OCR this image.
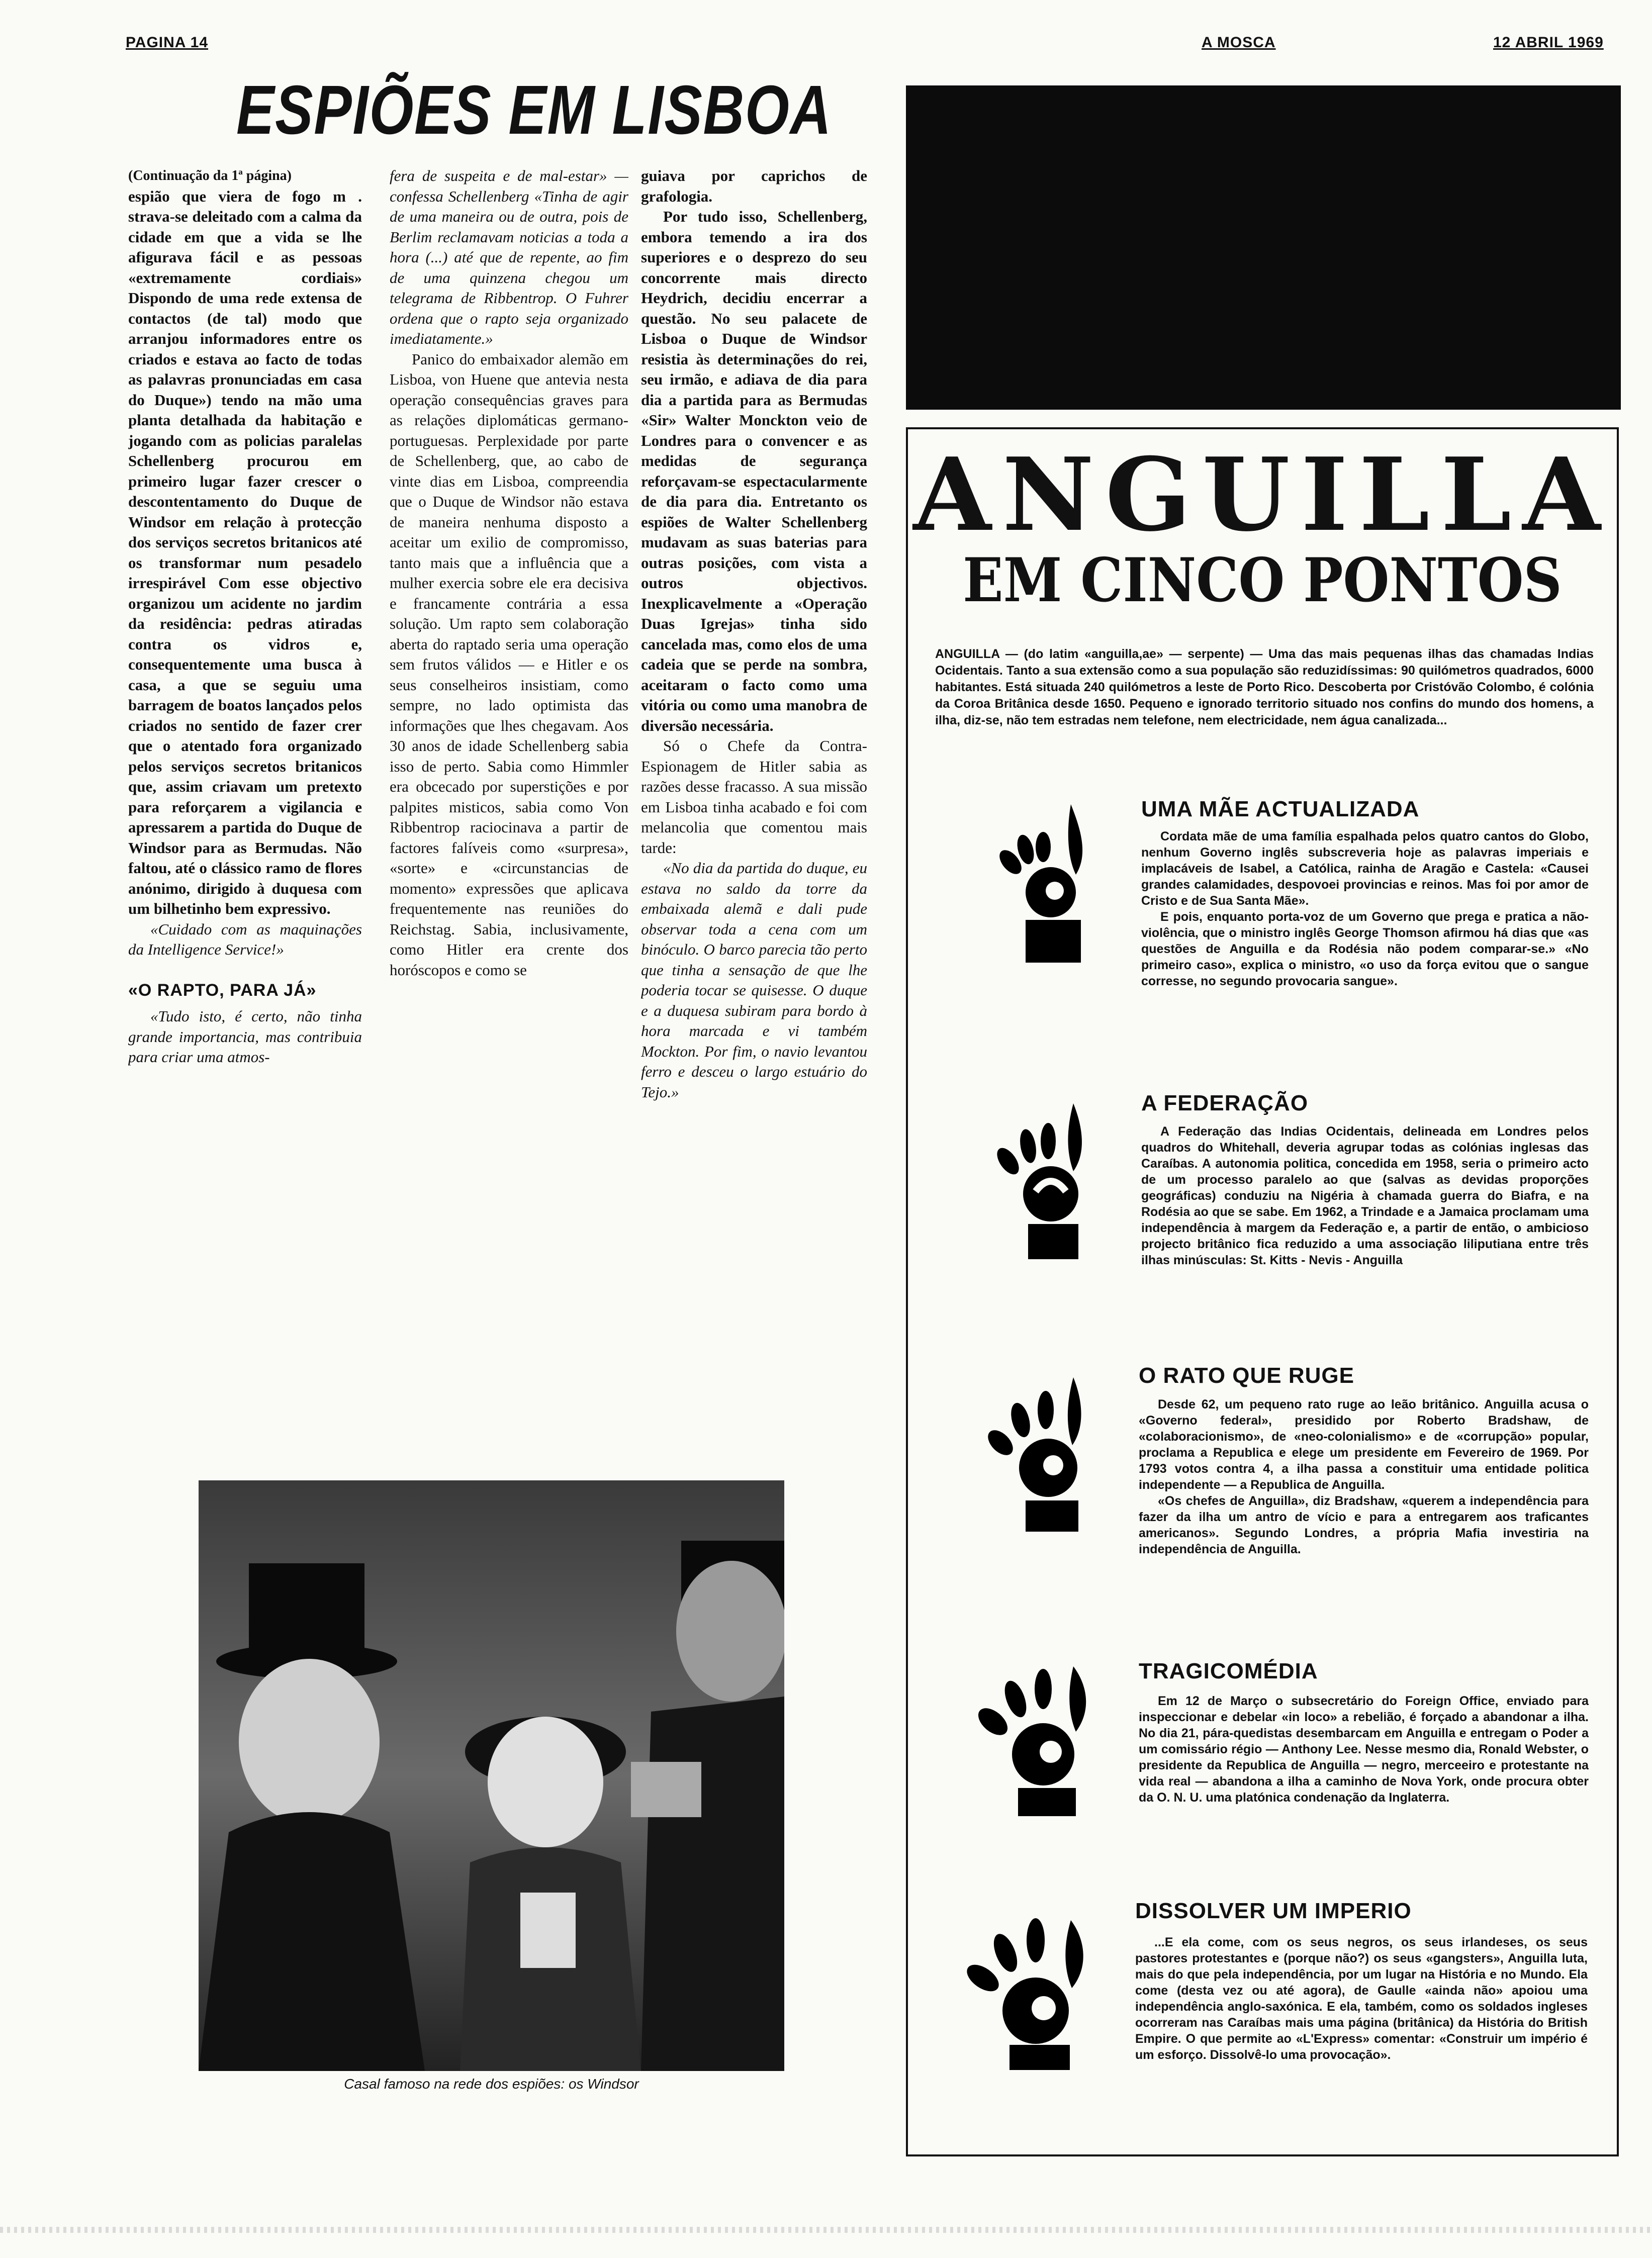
PAGINA 14	A MOSCA	12 ABRIL 1969
ESPIÕES EM LISBOA

(Continuação da 1ª página)

espião que viera de fogo m . strava-se deleitado com a calma da cidade em que a vida se lhe afigurava fácil e as pessoas «extremamente cordiais» Dispondo de uma rede extensa de contactos (de tal) modo que arranjou informadores entre os criados e estava ao facto de todas as palavras pronunciadas em casa do Duque») tendo na mão uma planta detalhada da habitação e jogando com as policias paralelas Schellenberg procurou em primeiro lugar fazer crescer o descontentamento do Duque de Windsor em relação à protecção dos serviços secretos britanicos até os transformar num pesadelo irrespirável Com esse objectivo organizou um acidente no jardim da residência: pedras atiradas contra os vidros e, consequentemente uma busca à casa, a que se seguiu uma barragem de boatos lançados pelos criados no sentido de fazer crer que o atentado fora organizado pelos serviços secretos britanicos que, assim criavam um pretexto para reforçarem a vigilancia e apressarem a partida do Duque de Windsor para as Bermudas. Não faltou, até o clássico ramo de flores anónimo, dirigido à duquesa com um bilhetinho bem expressivo.

«Cuidado com as maquinações da Intelligence Service!»

«O RAPTO, PARA JÁ»

«Tudo isto, é certo, não tinha grande importancia, mas contribuia para criar uma atmos-

fera de suspeita e de mal-estar» — confessa Schellenberg «Tinha de agir de uma maneira ou de outra, pois de Berlim reclamavam noticias a toda a hora (...) até que de repente, ao fim de uma quinzena chegou um telegrama de Ribbentrop. O Fuhrer ordena que o rapto seja organizado imediatamente.»

Panico do embaixador alemão em Lisboa, von Huene que antevia nesta operação consequências graves para as relações diplomáticas germano-portuguesas. Perplexidade por parte de Schellenberg, que, ao cabo de vinte dias em Lisboa, compreendia que o Duque de Windsor não estava de maneira nenhuma disposto a aceitar um exilio de compromisso, tanto mais que a influência que a mulher exercia sobre ele era decisiva e francamente contrária a essa solução. Um rapto sem colaboração aberta do raptado seria uma operação sem frutos válidos — e Hitler e os seus conselheiros insistiam, como sempre, no lado optimista das informações que lhes chegavam. Aos 30 anos de idade Schellenberg sabia isso de perto. Sabia como Himmler era obcecado por superstições e por palpites misticos, sabia como Von Ribbentrop raciocinava a partir de factores falíveis como «surpresa», «sorte» e «circunstancias de momento» expressões que aplicava frequentemente nas reuniões do Reichstag. Sabia, inclusivamente, como Hitler era crente dos horóscopos e como se

guiava por caprichos de grafologia.

Por tudo isso, Schellenberg, embora temendo a ira dos superiores e o desprezo do seu concorrente mais directo Heydrich, decidiu encerrar a questão. No seu palacete de Lisboa o Duque de Windsor resistia às determinações do rei, seu irmão, e adiava de dia para dia a partida para as Bermudas «Sir» Walter Monckton veio de Londres para o convencer e as medidas de segurança reforçavam-se espectacularmente de dia para dia. Entretanto os espiões de Walter Schellenberg mudavam as suas baterias para outras posições, com vista a outros objectivos. Inexplicavelmente a «Operação Duas Igrejas» tinha sido cancelada mas, como elos de uma cadeia que se perde na sombra, aceitaram o facto como uma vitória ou como uma manobra de diversão necessária.

Só o Chefe da Contra-Espionagem de Hitler sabia as razões desse fracasso. A sua missão em Lisboa tinha acabado e foi com melancolia que comentou mais tarde:

«No dia da partida do duque, eu estava no saldo da torre da embaixada alemã e dali pude observar toda a cena com um binóculo. O barco parecia tão perto que tinha a sensação de que lhe poderia tocar se quisesse. O duque e a duquesa subiram para bordo à hora marcada e vi também Mockton. Por fim, o navio levantou ferro e desceu o largo estuário do Tejo.»

Casal famoso na rede dos espiões: os Windsor
ANGUILLA
EM CINCO PONTOS
ANGUILLA — (do latim «anguilla,ae» — serpente) — Uma das mais pequenas ilhas das chamadas Indias Ocidentais. Tanto a sua extensão como a sua população são reduzidíssimas: 90 quilómetros quadrados, 6000 habitantes. Está situada 240 quilómetros a leste de Porto Rico. Descoberta por Cristóvão Colombo, é colónia da Coroa Britânica desde 1650. Pequeno e ignorado territorio situado nos confins do mundo dos homens, a ilha, diz-se, não tem estradas nem telefone, nem electricidade, nem água canalizada...
UMA MÃE ACTUALIZADA

Cordata mãe de uma família espalhada pelos quatro cantos do Globo, nenhum Governo inglês subscreveria hoje as palavras imperiais e implacáveis de Isabel, a Católica, rainha de Aragão e Castela: «Causei grandes calamidades, despovoei provincias e reinos. Mas foi por amor de Cristo e de Sua Santa Mãe».

E pois, enquanto porta-voz de um Governo que prega e pratica a não-violência, que o ministro inglês George Thomson afirmou há dias que «as questões de Anguilla e da Rodésia não podem comparar-se.» «No primeiro caso», explica o ministro, «o uso da força evitou que o sangue corresse, no segundo provocaria sangue».

A FEDERAÇÃO

A Federação das Indias Ocidentais, delineada em Londres pelos quadros do Whitehall, deveria agrupar todas as colónias inglesas das Caraíbas. A autonomia politica, concedida em 1958, seria o primeiro acto de um processo paralelo ao que (salvas as devidas proporções geográficas) conduziu na Nigéria à chamada guerra do Biafra, e na Rodésia ao que se sabe. Em 1962, a Trindade e a Jamaica proclamam uma independência à margem da Federação e, a partir de então, o ambicioso projecto britânico fica reduzido a uma associação liliputiana entre três ilhas minúsculas: St. Kitts - Nevis - Anguilla

O RATO QUE RUGE

Desde 62, um pequeno rato ruge ao leão britânico. Anguilla acusa o «Governo federal», presidido por Roberto Bradshaw, de «colaboracionismo», de «neo-colonialismo» e de «corrupção» popular, proclama a Republica e elege um presidente em Fevereiro de 1969. Por 1793 votos contra 4, a ilha passa a constituir uma entidade politica independente — a Republica de Anguilla.

«Os chefes de Anguilla», diz Bradshaw, «querem a independência para fazer da ilha um antro de vício e para a entregarem aos traficantes americanos». Segundo Londres, a própria Mafia investiria na independência de Anguilla.

TRAGICOMÉDIA

Em 12 de Março o subsecretário do Foreign Office, enviado para inspeccionar e debelar «in loco» a rebelião, é forçado a abandonar a ilha. No dia 21, pára-quedistas desembarcam em Anguilla e entregam o Poder a um comissário régio — Anthony Lee. Nesse mesmo dia, Ronald Webster, o presidente da Republica de Anguilla — negro, merceeiro e protestante na vida real — abandona a ilha a caminho de Nova York, onde procura obter da O. N. U. uma platónica condenação da Inglaterra.

DISSOLVER UM IMPERIO

...E ela come, com os seus negros, os seus irlandeses, os seus pastores protestantes e (porque não?) os seus «gangsters», Anguilla luta, mais do que pela independência, por um lugar na História e no Mundo. Ela come (desta vez ou até agora), de Gaulle «ainda não» apoiou uma independência anglo-saxónica. E ela, também, como os soldados ingleses ocorreram nas Caraíbas mais uma página (britânica) da História do British Empire. O que permite ao «L'Express» comentar: «Construir um império é um esforço. Dissolvê-lo uma provocação».
